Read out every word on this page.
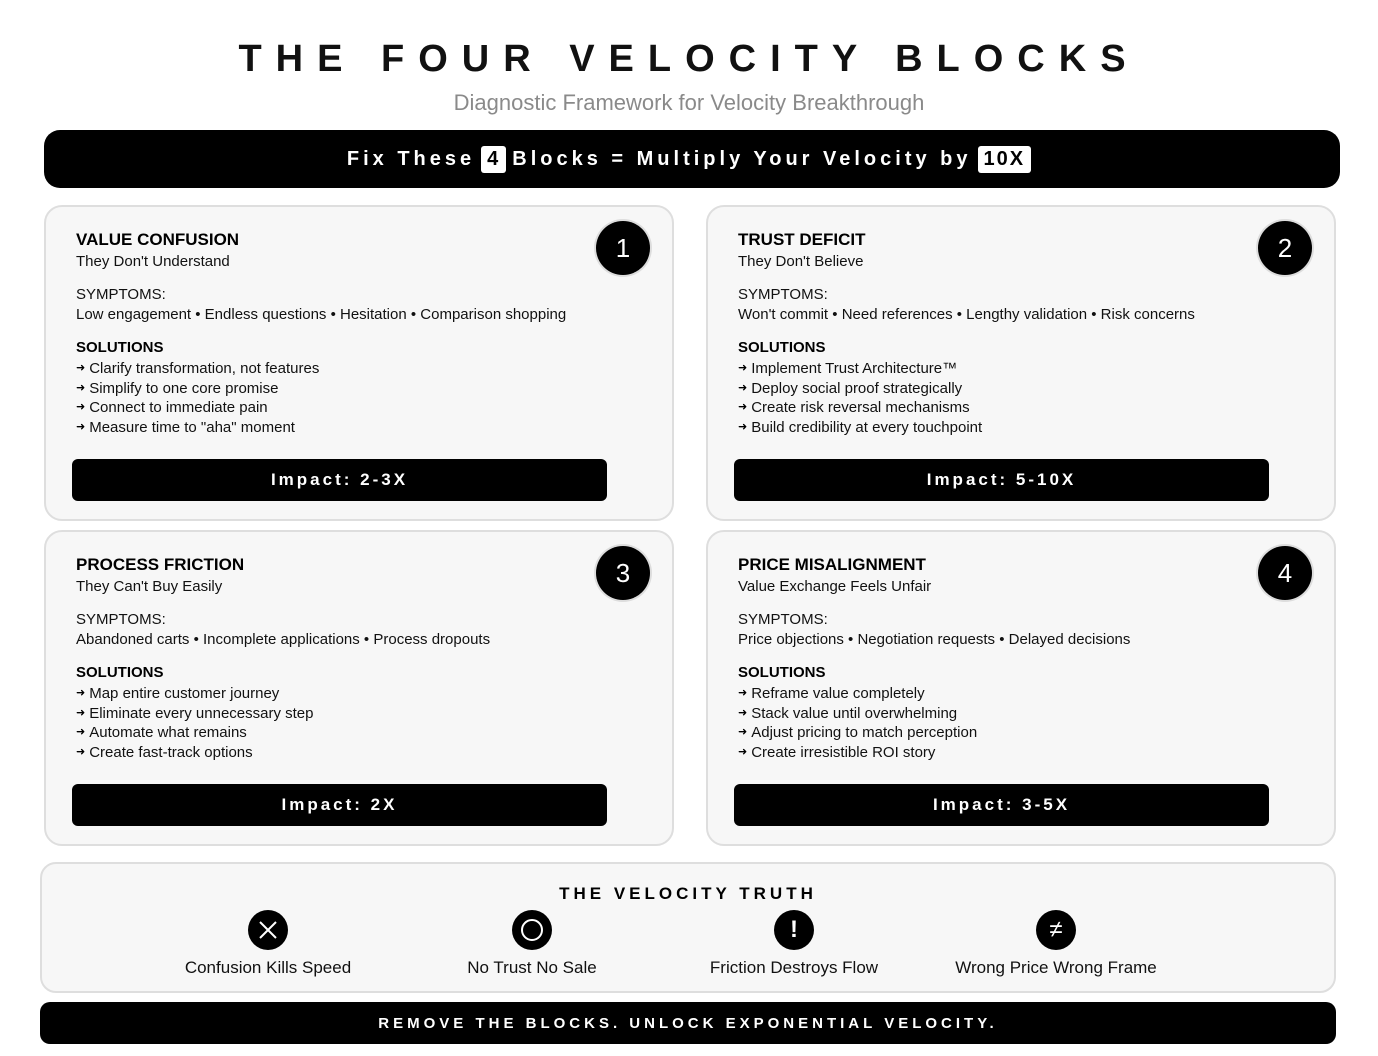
THE FOUR VELOCITY BLOCKS
Diagnostic Framework for Velocity Breakthrough
Fix These 4 Blocks = Multiply Your Velocity by 10X
1
VALUE CONFUSION
They Don't Understand
SYMPTOMS:
Low engagement • Endless questions • Hesitation • Comparison shopping
SOLUTIONS
➜ Clarify transformation, not features
➜ Simplify to one core promise
➜ Connect to immediate pain
➜ Measure time to "aha" moment
Impact: 2-3X
2
TRUST DEFICIT
They Don't Believe
SYMPTOMS:
Won't commit • Need references • Lengthy validation • Risk concerns
SOLUTIONS
➜ Implement Trust Architecture™
➜ Deploy social proof strategically
➜ Create risk reversal mechanisms
➜ Build credibility at every touchpoint
Impact: 5-10X
3
PROCESS FRICTION
They Can't Buy Easily
SYMPTOMS:
Abandoned carts • Incomplete applications • Process dropouts
SOLUTIONS
➜ Map entire customer journey
➜ Eliminate every unnecessary step
➜ Automate what remains
➜ Create fast-track options
Impact: 2X
4
PRICE MISALIGNMENT
Value Exchange Feels Unfair
SYMPTOMS:
Price objections • Negotiation requests • Delayed decisions
SOLUTIONS
➜ Reframe value completely
➜ Stack value until overwhelming
➜ Adjust pricing to match perception
➜ Create irresistible ROI story
Impact: 3-5X
THE VELOCITY TRUTH
Confusion Kills Speed	No Trust No Sale
!
Friction Destroys Flow
≠
Wrong Price Wrong Frame
REMOVE THE BLOCKS. UNLOCK EXPONENTIAL VELOCITY.
